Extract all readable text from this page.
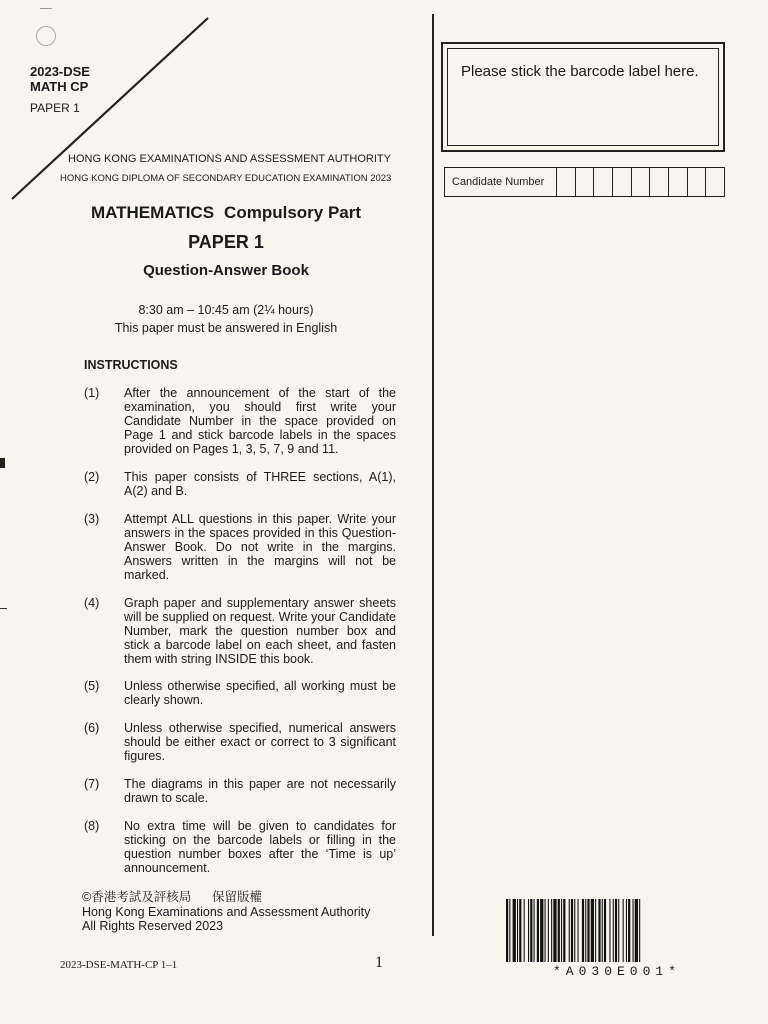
2023-DSE
MATH CP
PAPER 1
HONG KONG EXAMINATIONS AND ASSESSMENT AUTHORITY
HONG KONG DIPLOMA OF SECONDARY EDUCATION EXAMINATION 2023
MATHEMATICS Compulsory Part
PAPER 1
Question-Answer Book
8:30 am – 10:45 am (2¼ hours)
This paper must be answered in English
INSTRUCTIONS
(1) After the announcement of the start of the examination, you should first write your Candidate Number in the space provided on Page 1 and stick barcode labels in the spaces provided on Pages 1, 3, 5, 7, 9 and 11.
(2) This paper consists of THREE sections, A(1), A(2) and B.
(3) Attempt ALL questions in this paper. Write your answers in the spaces provided in this Question-Answer Book. Do not write in the margins. Answers written in the margins will not be marked.
(4) Graph paper and supplementary answer sheets will be supplied on request. Write your Candidate Number, mark the question number box and stick a barcode label on each sheet, and fasten them with string INSIDE this book.
(5) Unless otherwise specified, all working must be clearly shown.
(6) Unless otherwise specified, numerical answers should be either exact or correct to 3 significant figures.
(7) The diagrams in this paper are not necessarily drawn to scale.
(8) No extra time will be given to candidates for sticking on the barcode labels or filling in the question number boxes after the ‘Time is up’ announcement.
©香港考試及評核局      保留版權
Hong Kong Examinations and Assessment Authority
All Rights Reserved 2023
2023-DSE-MATH-CP 1–1	1
Please stick the barcode label here.
Candidate Number
*A030E001*
